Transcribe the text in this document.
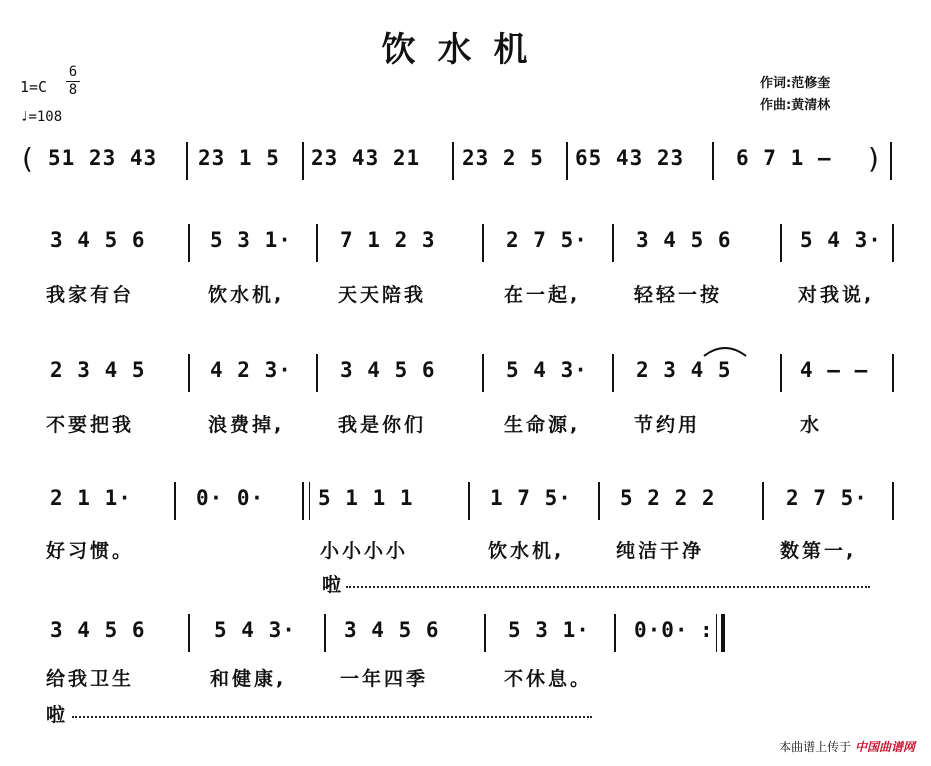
饮水机
$1=C \frac{6}{8}$
♩=108
作词:范修奎
作曲:黄清林
( 51 23 43 23 1 5 23 43 21 23 2 5 65 43 23 6 7 1 – )
3 4 5 6	5 3 1· 7 1 2 3	2 7 5· 3 4 5 6	5 4 3·
我家有台	饮水机,	天天陪我	在一起,	轻轻一按	对我说,
2 3 4 5	4 2 3· 3 4 5 6	5 4 3· 2 3 4 5	4 – –
不要把我	浪费掉,	我是你们	生命源,	节约用	水
2 1 1·	0· 0·	5 1 1 1	1 7 5· 5 2 2 2	2 7 5·
好习惯。	小小小小	饮水机,	纯洁干净	数第一,
啦
3 4 5 6	5 4 3· 3 4 5 6	5 3 1· 0·0· :
给我卫生	和健康,	一年四季	不休息。
啦
本曲谱上传于 中国曲谱网
